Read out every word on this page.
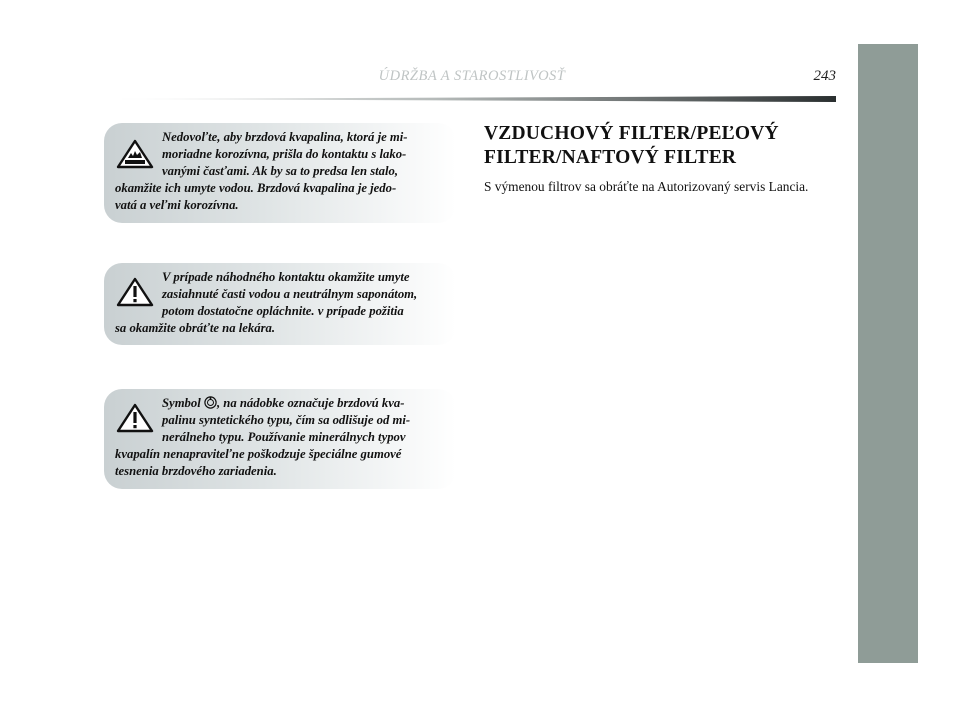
ÚDRŽBA A STAROSTLIVOSŤ	243
Nedovoľte, aby brzdová kvapalina, ktorá je mi-
moriadne korozívna, prišla do kontaktu s lako-
vanými časťami. Ak by sa to predsa len stalo,
okamžite ich umyte vodou. Brzdová kvapalina je jedo-
vatá a veľmi korozívna.
V prípade náhodného kontaktu okamžite umyte
zasiahnuté časti vodou a neutrálnym saponátom,
potom dostatočne opláchnite. v prípade požitia
sa okamžite obráťte na lekára.
Symbol , na nádobke označuje brzdovú kva-
palinu syntetického typu, čím sa odlišuje od mi-
nerálneho typu. Používanie minerálnych typov
kvapalín nenapraviteľne poškodzuje špeciálne gumové
tesnenia brzdového zariadenia.
VZDUCHOVÝ FILTER/PEĽOVÝ
FILTER/NAFTOVÝ FILTER
S výmenou filtrov sa obráťte na Autorizovaný servis Lancia.
